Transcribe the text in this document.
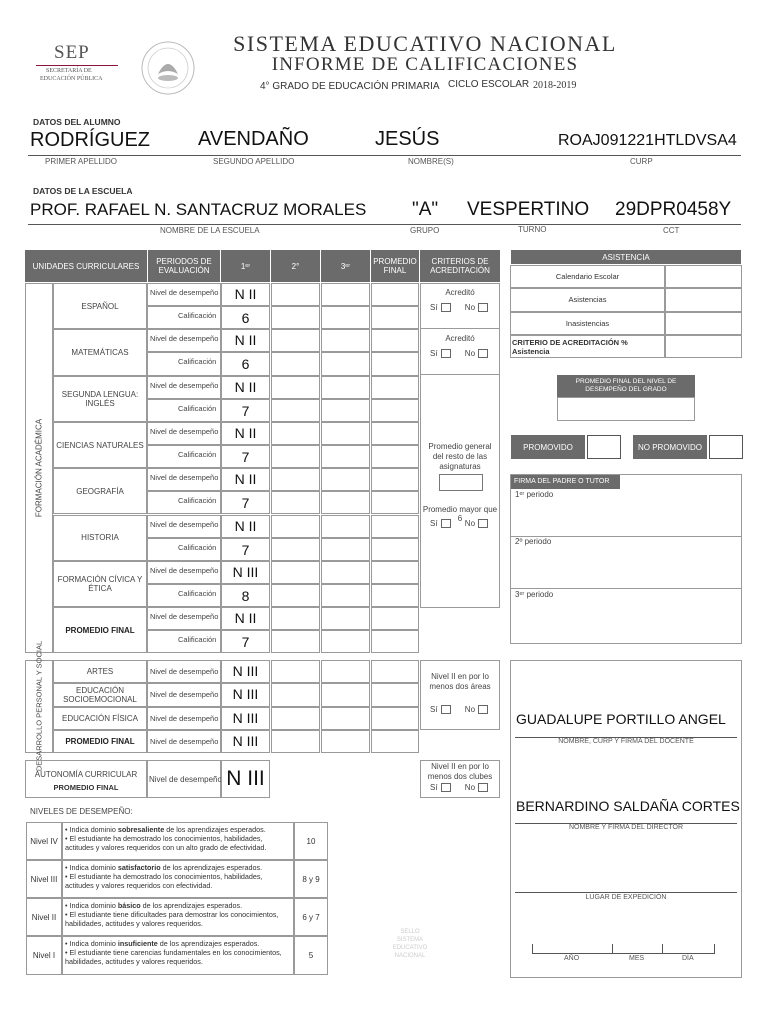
SEP
SECRETARÍA DE
EDUCACIÓN PÚBLICA
SISTEMA EDUCATIVO NACIONAL
INFORME DE CALIFICACIONES
4° GRADO DE EDUCACIÓN PRIMARIA CICLO ESCOLAR 2018-2019
DATOS DEL ALUMNO
RODRÍGUEZ AVENDAÑO	JESÚS	ROAJ091221HTLDVSA4
PRIMER APELLIDO	SEGUNDO APELLIDO	NOMBRE(S)	CURP
DATOS DE LA ESCUELA
PROF. RAFAEL N. SANTACRUZ MORALES "A" VESPERTINO 29DPR0458Y
NOMBRE DE LA ESCUELA	GRUPO	TURNO	CCT
UNIDADES CURRICULARES	PERIODOS DE EVALUACIÓN	1ᵉʳ	2°	3ᵉʳ	PROMEDIO FINAL
CRITERIOS DE ACREDITACIÓN
FORMACIÓN ACADÉMICA
ESPAÑOL
Nivel de desempeño	N II
Calificación	6
MATEMÁTICAS
Nivel de desempeño	N II
Calificación	6
SEGUNDA LENGUA: INGLÉS
Nivel de desempeño	N II
Calificación	7
CIENCIAS NATURALES
Nivel de desempeño	N II
Calificación	7
GEOGRAFÍA
Nivel de desempeño	N II
Calificación	7
HISTORIA
Nivel de desempeño	N II
Calificación	7
FORMACIÓN CÍVICA Y ÉTICA
Nivel de desempeño	N III
Calificación	8
PROMEDIO FINAL
Nivel de desempeño	N II
Calificación	7
Acreditó
Sí	No
Acreditó
Sí	No
Promedio general del resto de las asignaturas
Promedio mayor que 6
Sí	No
DESARROLLO PERSONAL Y SOCIAL	ARTES	Nivel de desempeño	N III
EDUCACIÓN SOCIOEMOCIONAL
Nivel de desempeño	N III
EDUCACIÓN FÍSICA	Nivel de desempeño	N III
PROMEDIO FINAL	Nivel de desempeño	N III
Nivel II en por lo menos dos áreas
Sí	No
AUTONOMÍA CURRICULAR
PROMEDIO FINAL
Nivel de desempeño N III
Nivel II en por lo menos dos clubes
Sí	No
NIVELES DE DESEMPEÑO:
Nivel IV
• Indica dominio sobresaliente de los aprendizajes esperados.
• El estudiante ha demostrado los conocimientos, habilidades, actitudes y valores requeridos con un alto grado de efectividad.
10
Nivel III
• Indica dominio satisfactorio de los aprendizajes esperados.
• El estudiante ha demostrado los conocimientos, habilidades, actitudes y valores requeridos con efectividad.
8 y 9
Nivel II
• Indica dominio básico de los aprendizajes esperados.
• El estudiante tiene dificultades para demostrar los conocimientos, habilidades, actitudes y valores requeridos.
6 y 7
Nivel I
• Indica dominio insuficiente de los aprendizajes esperados.
• El estudiante tiene carencias fundamentales en los conocimientos, habilidades, actitudes y valores requeridos.
5
SELLO SISTEMA EDUCATIVO NACIONAL
ASISTENCIA
Calendario Escolar
Asistencias
Inasistencias
CRITERIO DE ACREDITACIÓN % Asistencia
PROMEDIO FINAL DEL NIVEL DE DESEMPEÑO DEL GRADO
PROMOVIDO	NO PROMOVIDO
FIRMA DEL PADRE O TUTOR
1ᵉʳ periodo
2º periodo
3ᵉʳ periodo
GUADALUPE PORTILLO ANGEL
NOMBRE, CURP Y FIRMA DEL DOCENTE
BERNARDINO SALDAÑA CORTES
NOMBRE Y FIRMA DEL DIRECTOR
LUGAR DE EXPEDICIÓN
AÑO	MES	DÍA
